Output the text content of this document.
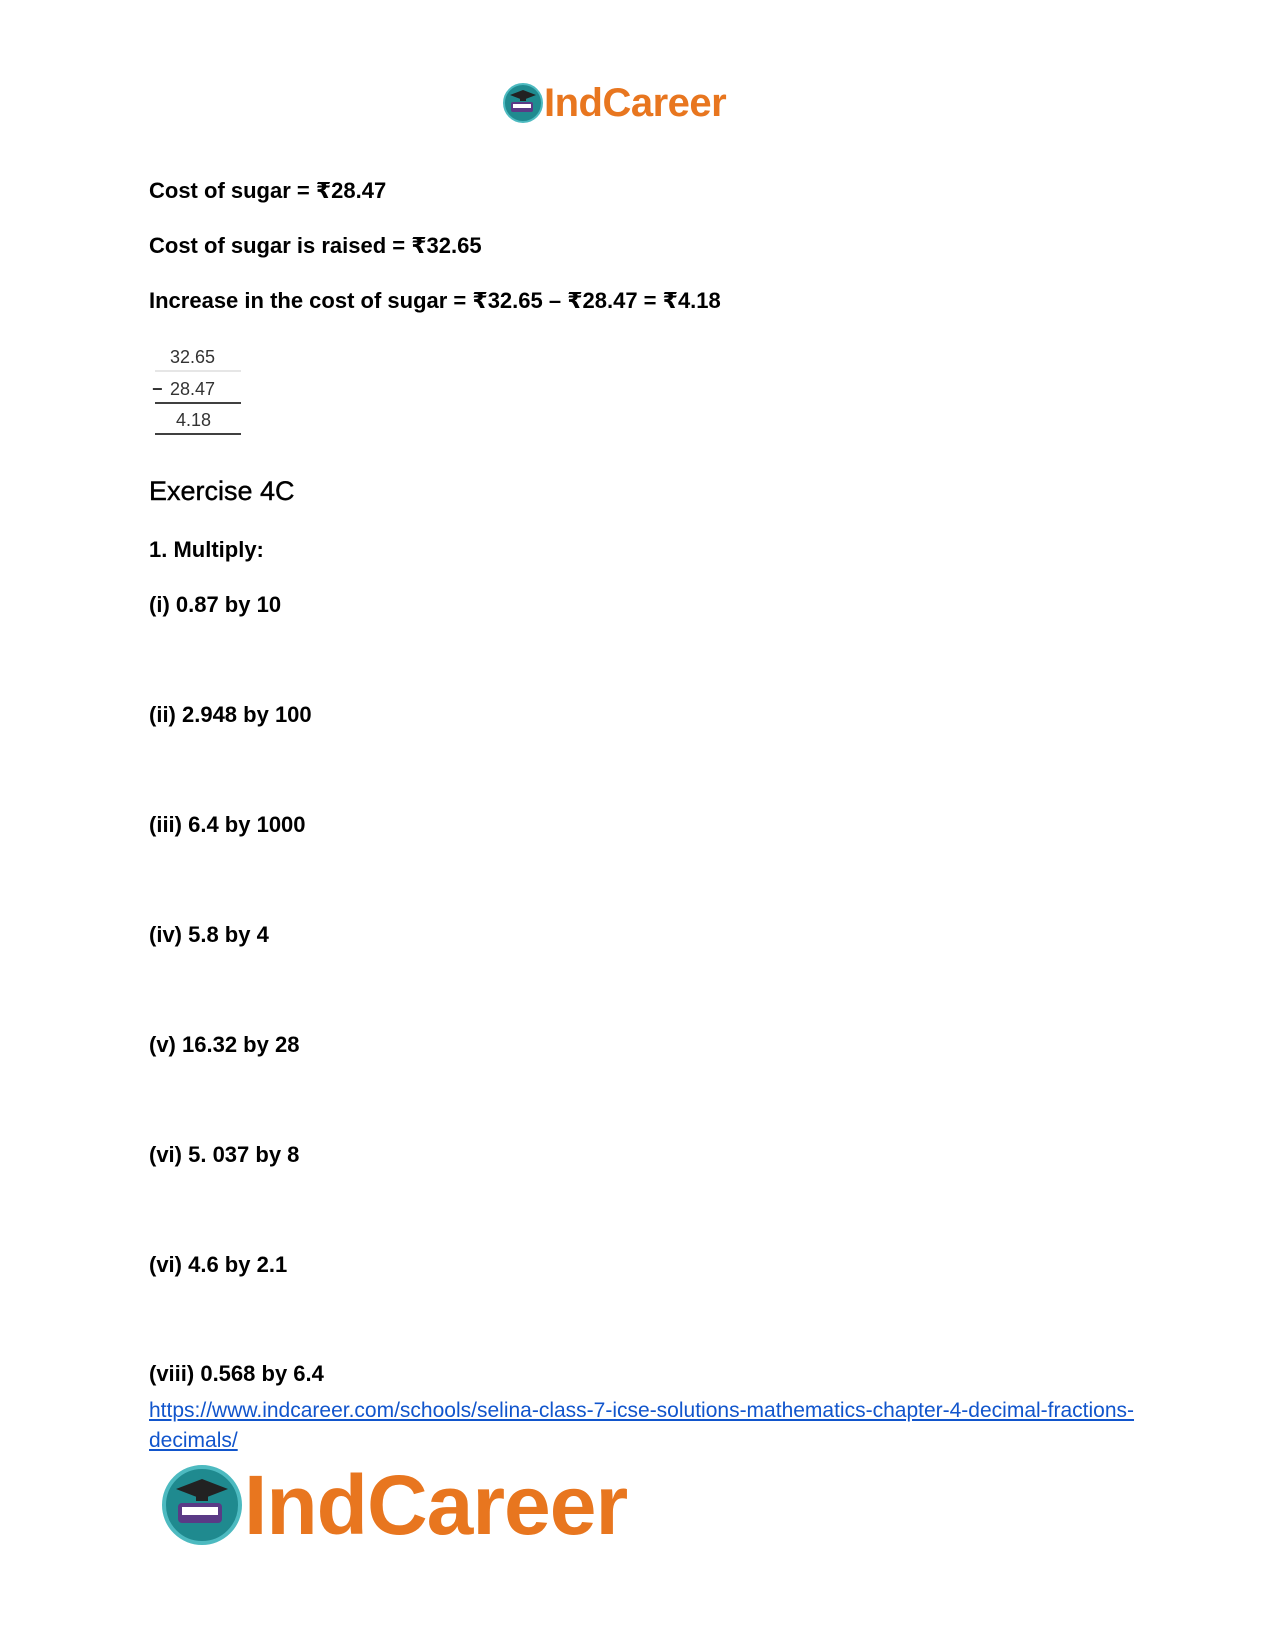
IndCareer
Cost of sugar = ₹28.47
Cost of sugar is raised = ₹32.65
Increase in the cost of sugar = ₹32.65 – ₹28.47 = ₹4.18
32.65
− 28.47
4.18
Exercise 4C
1. Multiply:
(i) 0.87 by 10
(ii) 2.948 by 100
(iii) 6.4 by 1000
(iv) 5.8 by 4
(v) 16.32 by 28
(vi) 5. 037 by 8
(vi) 4.6 by 2.1
(viii) 0.568 by 6.4
https://www.indcareer.com/schools/selina-class-7-icse-solutions-mathematics-chapter-4-decimal-fractions-decimals/
IndCareer
